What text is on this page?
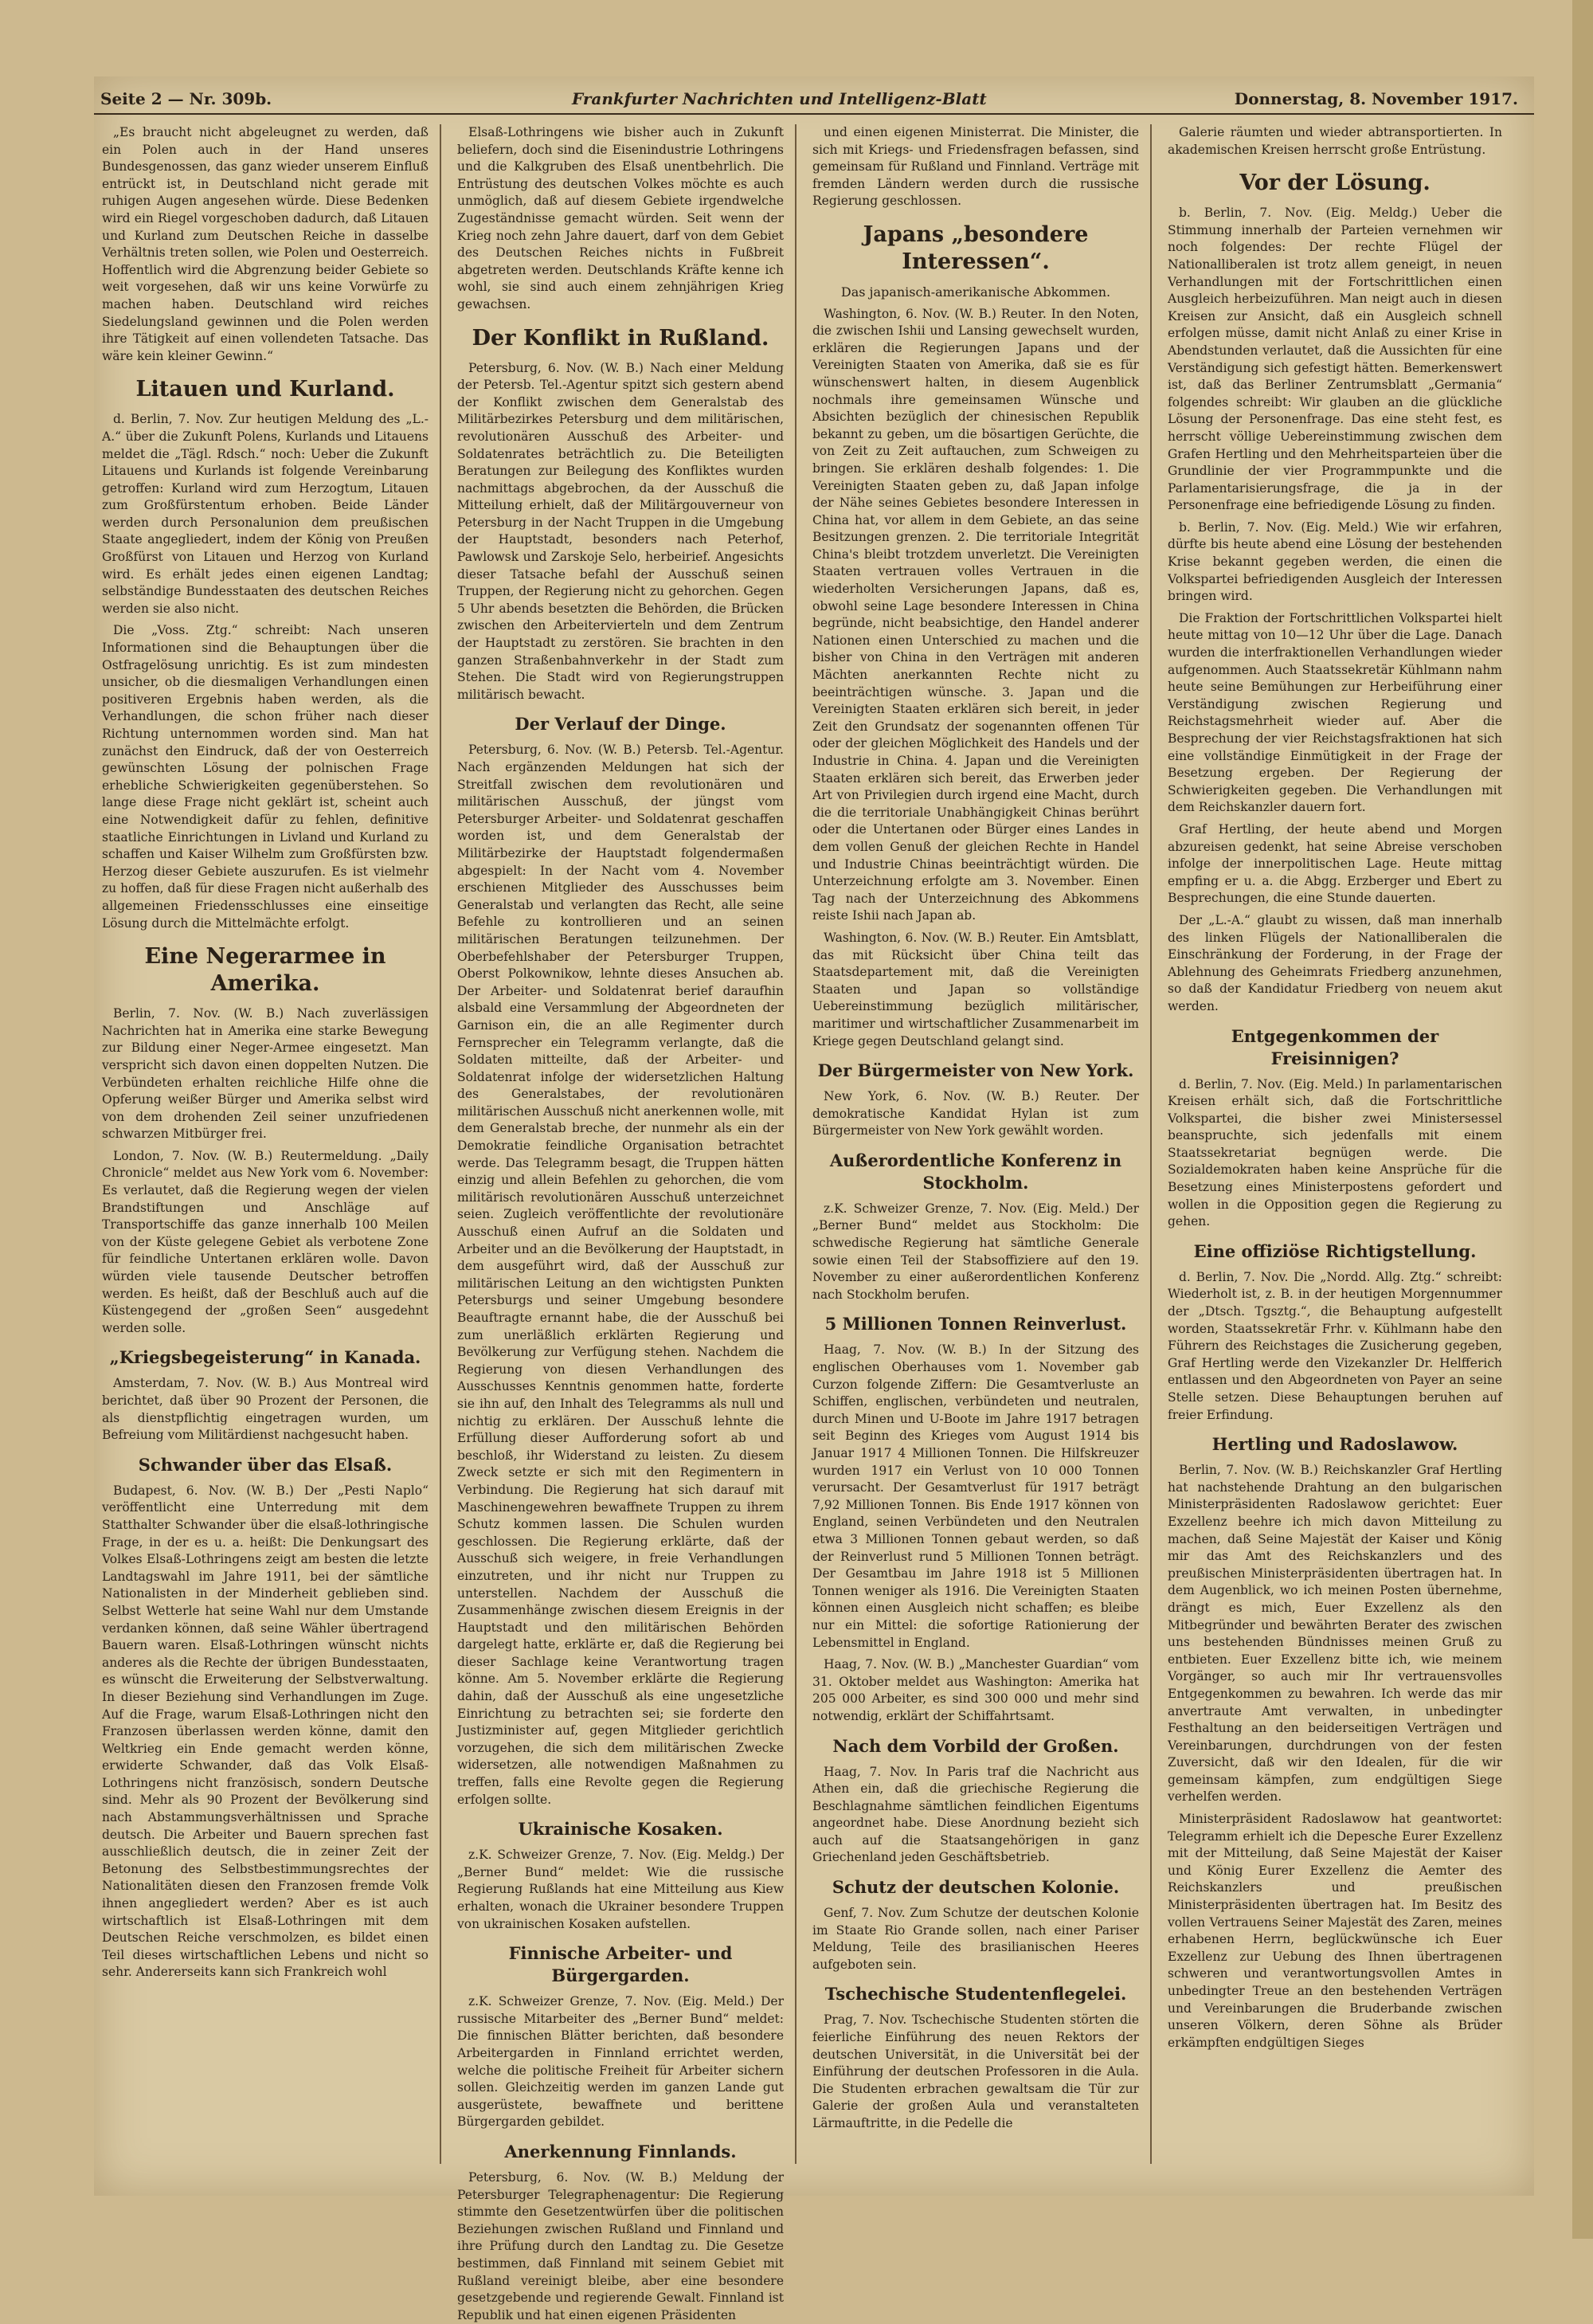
Seite 2 — Nr. 309b.	Frankfurter Nachrichten und Intelligenz-Blatt	Donnerstag, 8. November 1917.

„Es braucht nicht abgeleugnet zu werden, daß ein Polen auch in der Hand unseres Bundesgenossen, das ganz wieder unserem Einfluß entrückt ist, in Deutschland nicht gerade mit ruhigen Augen angesehen würde. Diese Bedenken wird ein Riegel vorgeschoben dadurch, daß Litauen und Kurland zum Deutschen Reiche in dasselbe Verhältnis treten sollen, wie Polen und Oesterreich. Hoffentlich wird die Abgrenzung beider Gebiete so weit vorgesehen, daß wir uns keine Vorwürfe zu machen haben. Deutschland wird reiches Siedelungsland gewinnen und die Polen werden ihre Tätigkeit auf einen vollendeten Tatsache. Das wäre kein kleiner Gewinn.“

Litauen und Kurland.

d. Berlin, 7. Nov. Zur heutigen Meldung des „L.-A.“ über die Zukunft Polens, Kurlands und Litauens meldet die „Tägl. Rdsch.“ noch: Ueber die Zukunft Litauens und Kurlands ist folgende Vereinbarung getroffen: Kurland wird zum Herzogtum, Litauen zum Großfürstentum erhoben. Beide Länder werden durch Personalunion dem preußischen Staate angegliedert, indem der König von Preußen Großfürst von Litauen und Herzog von Kurland wird. Es erhält jedes einen eigenen Landtag; selbständige Bundesstaaten des deutschen Reiches werden sie also nicht.

Die „Voss. Ztg.“ schreibt: Nach unseren Informationen sind die Behauptungen über die Ostfragelösung unrichtig. Es ist zum mindesten unsicher, ob die diesmaligen Verhandlungen einen positiveren Ergebnis haben werden, als die Verhandlungen, die schon früher nach dieser Richtung unternommen worden sind. Man hat zunächst den Eindruck, daß der von Oesterreich gewünschten Lösung der polnischen Frage erhebliche Schwierigkeiten gegenüberstehen. So lange diese Frage nicht geklärt ist, scheint auch eine Notwendigkeit dafür zu fehlen, definitive staatliche Einrichtungen in Livland und Kurland zu schaffen und Kaiser Wilhelm zum Großfürsten bzw. Herzog dieser Gebiete auszurufen. Es ist vielmehr zu hoffen, daß für diese Fragen nicht außerhalb des allgemeinen Friedensschlusses eine einseitige Lösung durch die Mittelmächte erfolgt.

Eine Negerarmee in Amerika.

Berlin, 7. Nov. (W. B.) Nach zuverlässigen Nachrichten hat in Amerika eine starke Bewegung zur Bildung einer Neger-Armee eingesetzt. Man verspricht sich davon einen doppelten Nutzen. Die Verbündeten erhalten reichliche Hilfe ohne die Opferung weißer Bürger und Amerika selbst wird von dem drohenden Zeil seiner unzufriedenen schwarzen Mitbürger frei.

London, 7. Nov. (W. B.) Reutermeldung. „Daily Chronicle“ meldet aus New York vom 6. November: Es verlautet, daß die Regierung wegen der vielen Brandstiftungen und Anschläge auf Transportschiffe das ganze innerhalb 100 Meilen von der Küste gelegene Gebiet als verbotene Zone für feindliche Untertanen erklären wolle. Davon würden viele tausende Deutscher betroffen werden. Es heißt, daß der Beschluß auch auf die Küstengegend der „großen Seen“ ausgedehnt werden solle.

„Kriegsbegeisterung“ in Kanada.

Amsterdam, 7. Nov. (W. B.) Aus Montreal wird berichtet, daß über 90 Prozent der Personen, die als dienstpflichtig eingetragen wurden, um Befreiung vom Militärdienst nachgesucht haben.

Schwander über das Elsaß.

Budapest, 6. Nov. (W. B.) Der „Pesti Naplo“ veröffentlicht eine Unterredung mit dem Statthalter Schwander über die elsaß-lothringische Frage, in der es u. a. heißt: Die Denkungsart des Volkes Elsaß-Lothringens zeigt am besten die letzte Landtagswahl im Jahre 1911, bei der sämtliche Nationalisten in der Minderheit geblieben sind. Selbst Wetterle hat seine Wahl nur dem Umstande verdanken können, daß seine Wähler übertragend Bauern waren. Elsaß-Lothringen wünscht nichts anderes als die Rechte der übrigen Bundesstaaten, es wünscht die Erweiterung der Selbstverwaltung. In dieser Beziehung sind Verhandlungen im Zuge. Auf die Frage, warum Elsaß-Lothringen nicht den Franzosen überlassen werden könne, damit den Weltkrieg ein Ende gemacht werden könne, erwiderte Schwander, daß das Volk Elsaß-Lothringens nicht französisch, sondern Deutsche sind. Mehr als 90 Prozent der Bevölkerung sind nach Abstammungsverhältnissen und Sprache deutsch. Die Arbeiter und Bauern sprechen fast ausschließlich deutsch, die in zeiner Zeit der Betonung des Selbstbestimmungsrechtes der Nationalitäten diesen den Franzosen fremde Volk ihnen angegliedert werden? Aber es ist auch wirtschaftlich ist Elsaß-Lothringen mit dem Deutschen Reiche verschmolzen, es bildet einen Teil dieses wirtschaftlichen Lebens und nicht so sehr. Andererseits kann sich Frankreich wohl

Elsaß-Lothringens wie bisher auch in Zukunft beliefern, doch sind die Eisenindustrie Lothringens und die Kalkgruben des Elsaß unentbehrlich. Die Entrüstung des deutschen Volkes möchte es auch unmöglich, daß auf diesem Gebiete irgendwelche Zugeständnisse gemacht würden. Seit wenn der Krieg noch zehn Jahre dauert, darf von dem Gebiet des Deutschen Reiches nichts in Fußbreit abgetreten werden. Deutschlands Kräfte kenne ich wohl, sie sind auch einem zehnjährigen Krieg gewachsen.

Der Konflikt in Rußland.

Petersburg, 6. Nov. (W. B.) Nach einer Meldung der Petersb. Tel.-Agentur spitzt sich gestern abend der Konflikt zwischen dem Generalstab des Militärbezirkes Petersburg und dem militärischen, revolutionären Ausschuß des Arbeiter- und Soldatenrates beträchtlich zu. Die Beteiligten Beratungen zur Beilegung des Konfliktes wurden nachmittags abgebrochen, da der Ausschuß die Mitteilung erhielt, daß der Militärgouverneur von Petersburg in der Nacht Truppen in die Umgebung der Hauptstadt, besonders nach Peterhof, Pawlowsk und Zarskoje Selo, herbeirief. Angesichts dieser Tatsache befahl der Ausschuß seinen Truppen, der Regierung nicht zu gehorchen. Gegen 5 Uhr abends besetzten die Behörden, die Brücken zwischen den Arbeitervierteln und dem Zentrum der Hauptstadt zu zerstören. Sie brachten in den ganzen Straßenbahnverkehr in der Stadt zum Stehen. Die Stadt wird von Regierungstruppen militärisch bewacht.

Der Verlauf der Dinge.

Petersburg, 6. Nov. (W. B.) Petersb. Tel.-Agentur. Nach ergänzenden Meldungen hat sich der Streitfall zwischen dem revolutionären und militärischen Ausschuß, der jüngst vom Petersburger Arbeiter- und Soldatenrat geschaffen worden ist, und dem Generalstab der Militärbezirke der Hauptstadt folgendermaßen abgespielt: In der Nacht vom 4. November erschienen Mitglieder des Ausschusses beim Generalstab und verlangten das Recht, alle seine Befehle zu kontrollieren und an seinen militärischen Beratungen teilzunehmen. Der Oberbefehlshaber der Petersburger Truppen, Oberst Polkownikow, lehnte dieses Ansuchen ab. Der Arbeiter- und Soldatenrat berief daraufhin alsbald eine Versammlung der Abgeordneten der Garnison ein, die an alle Regimenter durch Fernsprecher ein Telegramm verlangte, daß die Soldaten mitteilte, daß der Arbeiter- und Soldatenrat infolge der widersetzlichen Haltung des Generalstabes, der revolutionären militärischen Ausschuß nicht anerkennen wolle, mit dem Generalstab breche, der nunmehr als ein der Demokratie feindliche Organisation betrachtet werde. Das Telegramm besagt, die Truppen hätten einzig und allein Befehlen zu gehorchen, die vom militärisch revolutionären Ausschuß unterzeichnet seien. Zugleich veröffentlichte der revolutionäre Ausschuß einen Aufruf an die Soldaten und Arbeiter und an die Bevölkerung der Hauptstadt, in dem ausgeführt wird, daß der Ausschuß zur militärischen Leitung an den wichtigsten Punkten Petersburgs und seiner Umgebung besondere Beauftragte ernannt habe, die der Ausschuß bei zum unerläßlich erklärten Regierung und Bevölkerung zur Verfügung stehen. Nachdem die Regierung von diesen Verhandlungen des Ausschusses Kenntnis genommen hatte, forderte sie ihn auf, den Inhalt des Telegramms als null und nichtig zu erklären. Der Ausschuß lehnte die Erfüllung dieser Aufforderung sofort ab und beschloß, ihr Widerstand zu leisten. Zu diesem Zweck setzte er sich mit den Regimentern in Verbindung. Die Regierung hat sich darauf mit Maschinengewehren bewaffnete Truppen zu ihrem Schutz kommen lassen. Die Schulen wurden geschlossen. Die Regierung erklärte, daß der Ausschuß sich weigere, in freie Verhandlungen einzutreten, und ihr nicht nur Truppen zu unterstellen. Nachdem der Ausschuß die Zusammenhänge zwischen diesem Ereignis in der Hauptstadt und den militärischen Behörden dargelegt hatte, erklärte er, daß die Regierung bei dieser Sachlage keine Verantwortung tragen könne. Am 5. November erklärte die Regierung dahin, daß der Ausschuß als eine ungesetzliche Einrichtung zu betrachten sei; sie forderte den Justizminister auf, gegen Mitglieder gerichtlich vorzugehen, die sich dem militärischen Zwecke widersetzen, alle notwendigen Maßnahmen zu treffen, falls eine Revolte gegen die Regierung erfolgen sollte.

Ukrainische Kosaken.

z.K. Schweizer Grenze, 7. Nov. (Eig. Meldg.) Der „Berner Bund“ meldet: Wie die russische Regierung Rußlands hat eine Mitteilung aus Kiew erhalten, wonach die Ukrainer besondere Truppen von ukrainischen Kosaken aufstellen.

Finnische Arbeiter- und Bürgergarden.

z.K. Schweizer Grenze, 7. Nov. (Eig. Meld.) Der russische Mitarbeiter des „Berner Bund“ meldet: Die finnischen Blätter berichten, daß besondere Arbeitergarden in Finnland errichtet werden, welche die politische Freiheit für Arbeiter sichern sollen. Gleichzeitig werden im ganzen Lande gut ausgerüstete, bewaffnete und berittene Bürgergarden gebildet.

Anerkennung Finnlands.

Petersburg, 6. Nov. (W. B.) Meldung der Petersburger Telegraphenagentur: Die Regierung stimmte den Gesetzentwürfen über die politischen Beziehungen zwischen Rußland und Finnland und ihre Prüfung durch den Landtag zu. Die Gesetze bestimmen, daß Finnland mit seinem Gebiet mit Rußland vereinigt bleibe, aber eine besondere gesetzgebende und regierende Gewalt. Finnland ist Republik und hat einen eigenen Präsidenten

und einen eigenen Ministerrat. Die Minister, die sich mit Kriegs- und Friedensfragen befassen, sind gemeinsam für Rußland und Finnland. Verträge mit fremden Ländern werden durch die russische Regierung geschlossen.

Japans „besondere Interessen“.
Das japanisch-amerikanische Abkommen.

Washington, 6. Nov. (W. B.) Reuter. In den Noten, die zwischen Ishii und Lansing gewechselt wurden, erklären die Regierungen Japans und der Vereinigten Staaten von Amerika, daß sie es für wünschenswert halten, in diesem Augenblick nochmals ihre gemeinsamen Wünsche und Absichten bezüglich der chinesischen Republik bekannt zu geben, um die bösartigen Gerüchte, die von Zeit zu Zeit auftauchen, zum Schweigen zu bringen. Sie erklären deshalb folgendes: 1. Die Vereinigten Staaten geben zu, daß Japan infolge der Nähe seines Gebietes besondere Interessen in China hat, vor allem in dem Gebiete, an das seine Besitzungen grenzen. 2. Die territoriale Integrität China's bleibt trotzdem unverletzt. Die Vereinigten Staaten vertrauen volles Vertrauen in die wiederholten Versicherungen Japans, daß es, obwohl seine Lage besondere Interessen in China begründe, nicht beabsichtige, den Handel anderer Nationen einen Unterschied zu machen und die bisher von China in den Verträgen mit anderen Mächten anerkannten Rechte nicht zu beeinträchtigen wünsche. 3. Japan und die Vereinigten Staaten erklären sich bereit, in jeder Zeit den Grundsatz der sogenannten offenen Tür oder der gleichen Möglichkeit des Handels und der Industrie in China. 4. Japan und die Vereinigten Staaten erklären sich bereit, das Erwerben jeder Art von Privilegien durch irgend eine Macht, durch die die territoriale Unabhängigkeit Chinas berührt oder die Untertanen oder Bürger eines Landes in dem vollen Genuß der gleichen Rechte in Handel und Industrie Chinas beeinträchtigt würden. Die Unterzeichnung erfolgte am 3. November. Einen Tag nach der Unterzeichnung des Abkommens reiste Ishii nach Japan ab.

Washington, 6. Nov. (W. B.) Reuter. Ein Amtsblatt, das mit Rücksicht über China teilt das Staatsdepartement mit, daß die Vereinigten Staaten und Japan so vollständige Uebereinstimmung bezüglich militärischer, maritimer und wirtschaftlicher Zusammenarbeit im Kriege gegen Deutschland gelangt sind.

Der Bürgermeister von New York.

New York, 6. Nov. (W. B.) Reuter. Der demokratische Kandidat Hylan ist zum Bürgermeister von New York gewählt worden.

Außerordentliche Konferenz in Stockholm.

z.K. Schweizer Grenze, 7. Nov. (Eig. Meld.) Der „Berner Bund“ meldet aus Stockholm: Die schwedische Regierung hat sämtliche Generale sowie einen Teil der Stabsoffiziere auf den 19. November zu einer außerordentlichen Konferenz nach Stockholm berufen.

5 Millionen Tonnen Reinverlust.

Haag, 7. Nov. (W. B.) In der Sitzung des englischen Oberhauses vom 1. November gab Curzon folgende Ziffern: Die Gesamtverluste an Schiffen, englischen, verbündeten und neutralen, durch Minen und U-Boote im Jahre 1917 betragen seit Beginn des Krieges vom August 1914 bis Januar 1917 4 Millionen Tonnen. Die Hilfskreuzer wurden 1917 ein Verlust von 10 000 Tonnen verursacht. Der Gesamtverlust für 1917 beträgt 7,92 Millionen Tonnen. Bis Ende 1917 können von England, seinen Verbündeten und den Neutralen etwa 3 Millionen Tonnen gebaut werden, so daß der Reinverlust rund 5 Millionen Tonnen beträgt. Der Gesamtbau im Jahre 1918 ist 5 Millionen Tonnen weniger als 1916. Die Vereinigten Staaten können einen Ausgleich nicht schaffen; es bleibe nur ein Mittel: die sofortige Rationierung der Lebensmittel in England.

Haag, 7. Nov. (W. B.) „Manchester Guardian“ vom 31. Oktober meldet aus Washington: Amerika hat 205 000 Arbeiter, es sind 300 000 und mehr sind notwendig, erklärt der Schiffahrtsamt.

Nach dem Vorbild der Großen.

Haag, 7. Nov. In Paris traf die Nachricht aus Athen ein, daß die griechische Regierung die Beschlagnahme sämtlichen feindlichen Eigentums angeordnet habe. Diese Anordnung bezieht sich auch auf die Staatsangehörigen in ganz Griechenland jeden Geschäftsbetrieb.

Schutz der deutschen Kolonie.

Genf, 7. Nov. Zum Schutze der deutschen Kolonie im Staate Rio Grande sollen, nach einer Pariser Meldung, Teile des brasilianischen Heeres aufgeboten sein.

Tschechische Studentenflegelei.

Prag, 7. Nov. Tschechische Studenten störten die feierliche Einführung des neuen Rektors der deutschen Universität, in die Universität bei der Einführung der deutschen Professoren in die Aula. Die Studenten erbrachen gewaltsam die Tür zur Galerie der großen Aula und veranstalteten Lärmauftritte, in die Pedelle die

Galerie räumten und wieder abtransportierten. In akademischen Kreisen herrscht große Entrüstung.

Vor der Lösung.

b. Berlin, 7. Nov. (Eig. Meldg.) Ueber die Stimmung innerhalb der Parteien vernehmen wir noch folgendes: Der rechte Flügel der Nationalliberalen ist trotz allem geneigt, in neuen Verhandlungen mit der Fortschrittlichen einen Ausgleich herbeizuführen. Man neigt auch in diesen Kreisen zur Ansicht, daß ein Ausgleich schnell erfolgen müsse, damit nicht Anlaß zu einer Krise in Abendstunden verlautet, daß die Aussichten für eine Verständigung sich gefestigt hätten. Bemerkenswert ist, daß das Berliner Zentrumsblatt „Germania“ folgendes schreibt: Wir glauben an die glückliche Lösung der Personenfrage. Das eine steht fest, es herrscht völlige Uebereinstimmung zwischen dem Grafen Hertling und den Mehrheitsparteien über die Grundlinie der vier Programmpunkte und die Parlamentarisierungsfrage, die ja in der Personenfrage eine befriedigende Lösung zu finden.

b. Berlin, 7. Nov. (Eig. Meld.) Wie wir erfahren, dürfte bis heute abend eine Lösung der bestehenden Krise bekannt gegeben werden, die einen die Volkspartei befriedigenden Ausgleich der Interessen bringen wird.

Die Fraktion der Fortschrittlichen Volkspartei hielt heute mittag von 10—12 Uhr über die Lage. Danach wurden die interfraktionellen Verhandlungen wieder aufgenommen. Auch Staatssekretär Kühlmann nahm heute seine Bemühungen zur Herbeiführung einer Verständigung zwischen Regierung und Reichstagsmehrheit wieder auf. Aber die Besprechung der vier Reichstagsfraktionen hat sich eine vollständige Einmütigkeit in der Frage der Besetzung ergeben. Der Regierung der Schwierigkeiten gegeben. Die Verhandlungen mit dem Reichskanzler dauern fort.

Graf Hertling, der heute abend und Morgen abzureisen gedenkt, hat seine Abreise verschoben infolge der innerpolitischen Lage. Heute mittag empfing er u. a. die Abgg. Erzberger und Ebert zu Besprechungen, die eine Stunde dauerten.

Der „L.-A.“ glaubt zu wissen, daß man innerhalb des linken Flügels der Nationalliberalen die Einschränkung der Forderung, in der Frage der Ablehnung des Geheimrats Friedberg anzunehmen, so daß der Kandidatur Friedberg von neuem akut werden.

Entgegenkommen der Freisinnigen?

d. Berlin, 7. Nov. (Eig. Meld.) In parlamentarischen Kreisen erhält sich, daß die Fortschrittliche Volkspartei, die bisher zwei Ministersessel beanspruchte, sich jedenfalls mit einem Staatssekretariat begnügen werde. Die Sozialdemokraten haben keine Ansprüche für die Besetzung eines Ministerpostens gefordert und wollen in die Opposition gegen die Regierung zu gehen.

Eine offiziöse Richtigstellung.

d. Berlin, 7. Nov. Die „Nordd. Allg. Ztg.“ schreibt: Wiederholt ist, z. B. in der heutigen Morgennummer der „Dtsch. Tgsztg.“, die Behauptung aufgestellt worden, Staatssekretär Frhr. v. Kühlmann habe den Führern des Reichstages die Zusicherung gegeben, Graf Hertling werde den Vizekanzler Dr. Helfferich entlassen und den Abgeordneten von Payer an seine Stelle setzen. Diese Behauptungen beruhen auf freier Erfindung.

Hertling und Radoslawow.

Berlin, 7. Nov. (W. B.) Reichskanzler Graf Hertling hat nachstehende Drahtung an den bulgarischen Ministerpräsidenten Radoslawow gerichtet: Euer Exzellenz beehre ich mich davon Mitteilung zu machen, daß Seine Majestät der Kaiser und König mir das Amt des Reichskanzlers und des preußischen Ministerpräsidenten übertragen hat. In dem Augenblick, wo ich meinen Posten übernehme, drängt es mich, Euer Exzellenz als den Mitbegründer und bewährten Berater des zwischen uns bestehenden Bündnisses meinen Gruß zu entbieten. Euer Exzellenz bitte ich, wie meinem Vorgänger, so auch mir Ihr vertrauensvolles Entgegenkommen zu bewahren. Ich werde das mir anvertraute Amt verwalten, in unbedingter Festhaltung an den beiderseitigen Verträgen und Vereinbarungen, durchdrungen von der festen Zuversicht, daß wir den Idealen, für die wir gemeinsam kämpfen, zum endgültigen Siege verhelfen werden.

Ministerpräsident Radoslawow hat geantwortet: Telegramm erhielt ich die Depesche Eurer Exzellenz mit der Mitteilung, daß Seine Majestät der Kaiser und König Eurer Exzellenz die Aemter des Reichskanzlers und preußischen Ministerpräsidenten übertragen hat. Im Besitz des vollen Vertrauens Seiner Majestät des Zaren, meines erhabenen Herrn, beglückwünsche ich Euer Exzellenz zur Uebung des Ihnen übertragenen schweren und verantwortungsvollen Amtes in unbedingter Treue an den bestehenden Verträgen und Vereinbarungen die Bruderbande zwischen unseren Völkern, deren Söhne als Brüder erkämpften endgültigen Sieges
